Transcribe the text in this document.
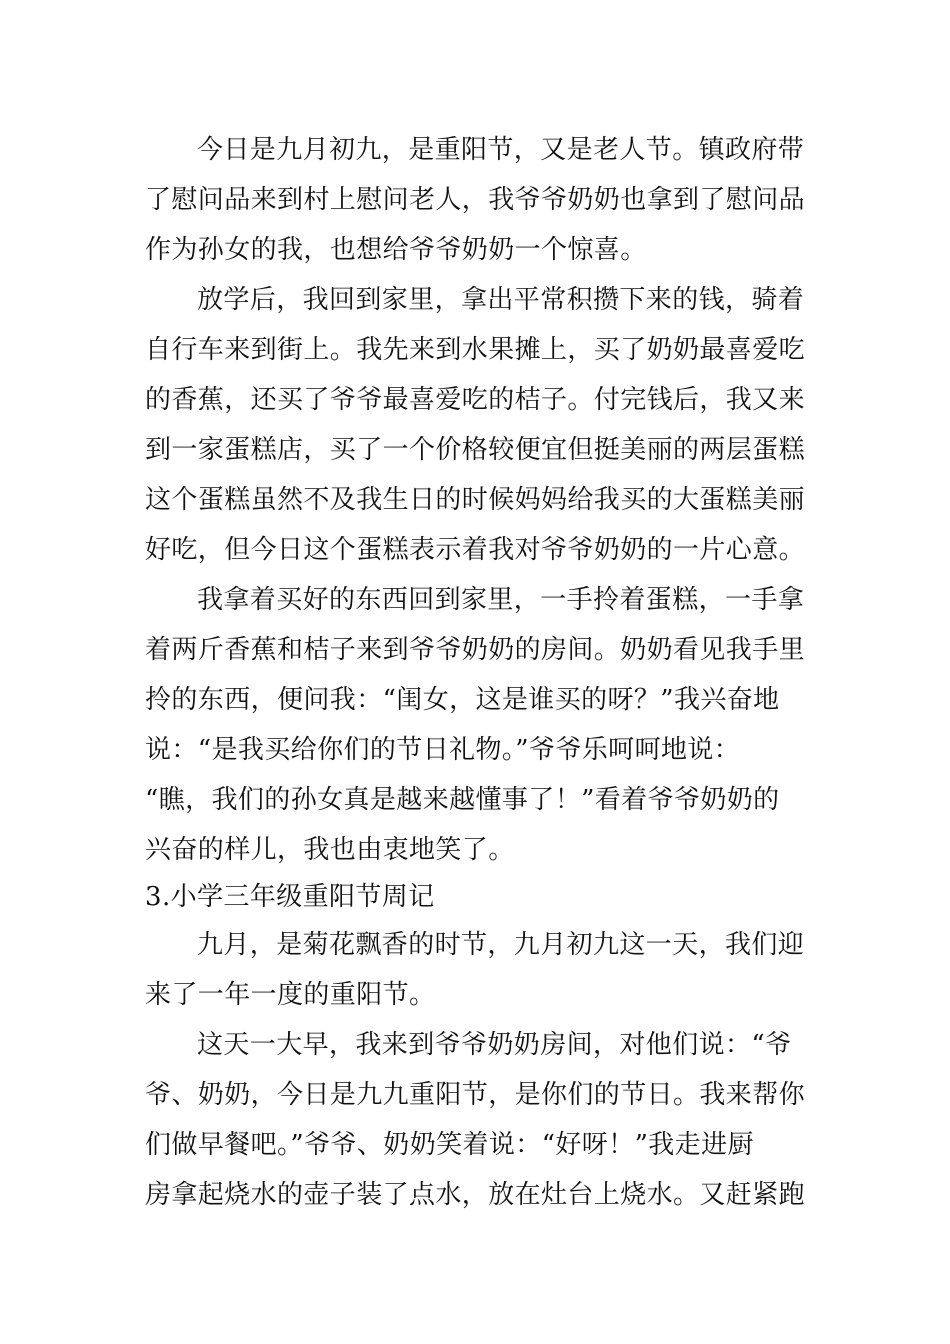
今日是九月初九，是重阳节，又是老人节。镇政府带
了慰问品来到村上慰问老人，我爷爷奶奶也拿到了慰问品
作为孙女的我，也想给爷爷奶奶一个惊喜。
放学后，我回到家里，拿出平常积攒下来的钱，骑着
自行车来到街上。我先来到水果摊上，买了奶奶最喜爱吃
的香蕉，还买了爷爷最喜爱吃的桔子。付完钱后，我又来
到一家蛋糕店，买了一个价格较便宜但挺美丽的两层蛋糕
这个蛋糕虽然不及我生日的时候妈妈给我买的大蛋糕美丽
好吃，但今日这个蛋糕表示着我对爷爷奶奶的一片心意。
我拿着买好的东西回到家里，一手拎着蛋糕，一手拿
着两斤香蕉和桔子来到爷爷奶奶的房间。奶奶看见我手里
拎的东西，便问我：“闺女，这是谁买的呀？”我兴奋地
说：“是我买给你们的节日礼物。”爷爷乐呵呵地说：
“瞧，我们的孙女真是越来越懂事了！”看着爷爷奶奶的
兴奋的样儿，我也由衷地笑了。
3.小学三年级重阳节周记
九月，是菊花飘香的时节，九月初九这一天，我们迎
来了一年一度的重阳节。
这天一大早，我来到爷爷奶奶房间，对他们说：“爷
爷、奶奶，今日是九九重阳节，是你们的节日。我来帮你
们做早餐吧。”爷爷、奶奶笑着说：“好呀！”我走进厨
房拿起烧水的壶子装了点水，放在灶台上烧水。又赶紧跑
